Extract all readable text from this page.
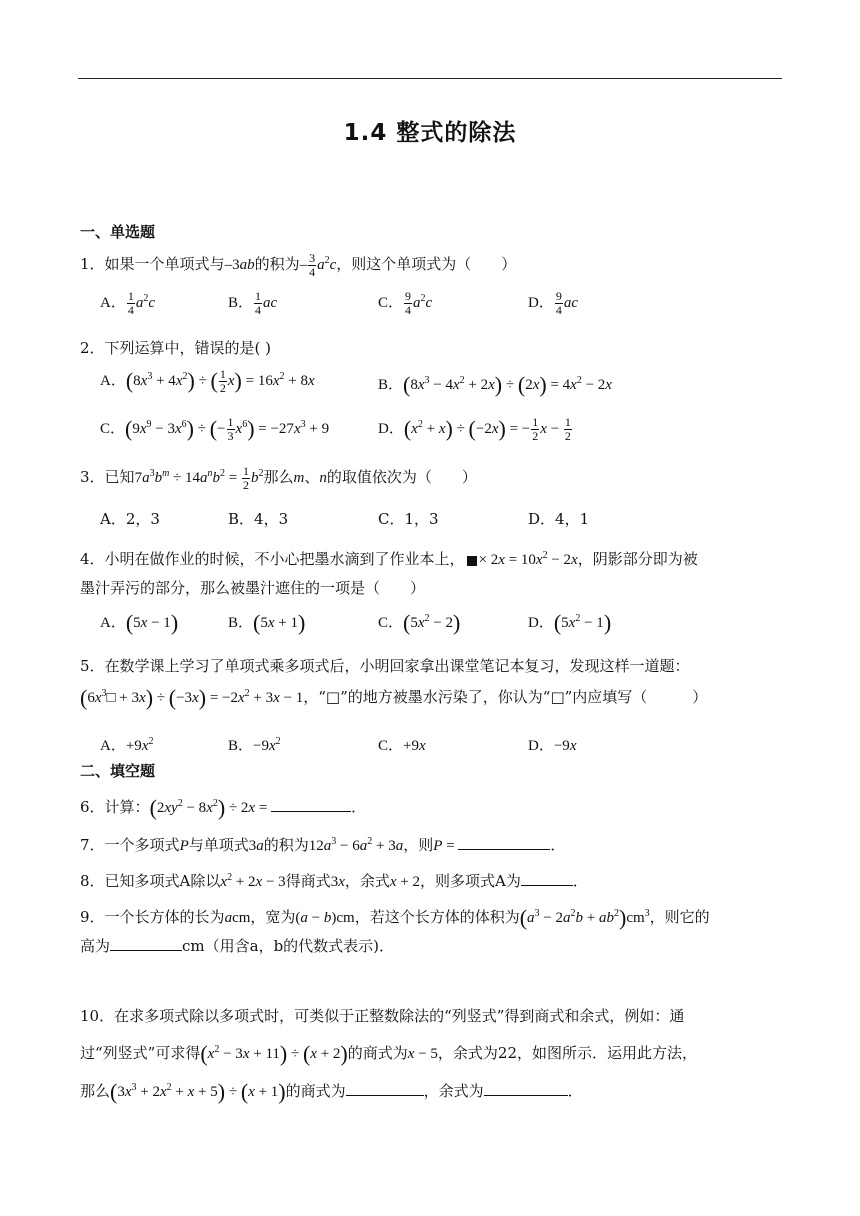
1.4 整式的除法
一、单选题
1．如果一个单项式与–3ab的积为– $\frac{3}{4} a^2c$，则这个单项式为（　　）
A． $\frac{1}{4} a^2c$	B． $\frac{1}{4}$ ac	C． $\frac{9}{4} a^2c$	D． $\frac{9}{4}$ ac
2．下列运算中，错误的是( )
A．$(8x^3 + 4x^2)$ ÷ ( $\frac{1}{2} x) = 16x^2 + 8x$	B．$(8x^3 - 4x^2 + 2x) \div (2x) = 4x^2 - 2x$
C．$(9x^9 - 3x^6)$ ÷ (− $\frac{1}{3} x^6) = -27x^3 + 9$	D．$(x^2 + x) \div (-2x)$ = − $\frac{1}{2}$ $x - \frac{1}{2}$
3．已知$7a^3b^m \div 14a^nb^2 = \frac{1}{2} b^2$那么m、n的取值依次为（　　）
A．2，3	B．4，3	C．1，3	D．4，1
4．小明在做作业的时候，不小心把墨水滴到了作业本上， × $2x = 10x^2 - 2x$，阴影部分即为被
墨汁弄污的部分，那么被墨汁遮住的一项是（　　）
A．(5x − 1)	B．(5x + 1)	C．$(5x^2 - 2)$	D．$(5x^2 - 1)$
5．在数学课上学习了单项式乘多项式后，小明回家拿出课堂笔记本复习，发现这样一道题：
$(6x^3□ + 3x) \div (-3x) = -2x^2 + 3x - 1$，“□”的地方被墨水污染了，你认为“□”内应填写（　　　）
A．$+9x^2$	B．$-9x^2$	C．+9x	D．−9x
二、填空题
6．计算：$(2xy^2 - 8x^2) \div 2x$ =	．
7．一个多项式P与单项式3a的积为$12a^3 - 6a^2 + 3a$，则P =	．
8．已知多项式A除以$x^2 + 2x - 3$得商式3x，余式x + 2，则多项式A为	．
9．一个长方体的长为acm，宽为(a − b)cm，若这个长方体的体积为$(a^3 - 2a^2b + ab^2)cm^3$，则它的
高为	cm（用含a，b的代数式表示)．
10．在求多项式除以多项式时，可类似于正整数除法的“列竖式”得到商式和余式，例如：通
过“列竖式”可求得$(x^2 - 3x + 11) \div (x + 2)$的商式为x − 5，余式为22，如图所示．运用此方法，
那么$(3x^3 + 2x^2 + x + 5) \div (x + 1)$的商式为	，余式为	．
